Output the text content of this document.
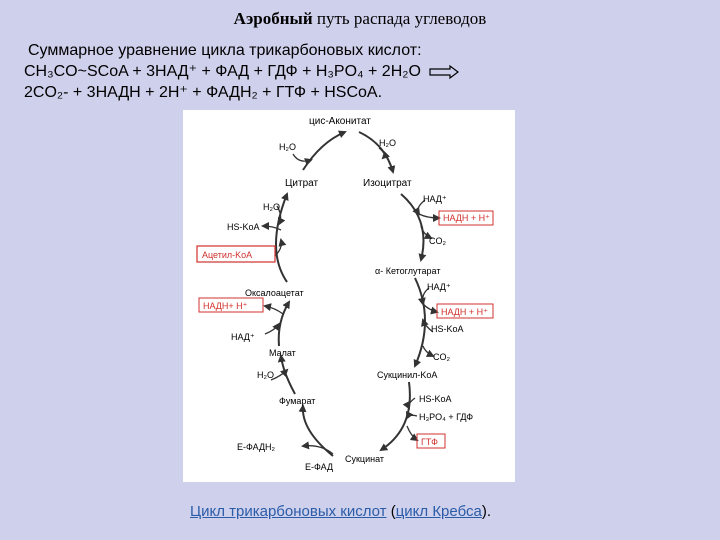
Аэробный путь распада углеводов
Суммарное уравнение цикла трикарбоновых кислот:
CH₃CO~SCoA + 3НАД⁺ + ФАД + ГДФ + H₃PO₄ + 2H₂O
2CO₂- + 3НАДН + 2H⁺ + ФАДН₂ + ГТФ + HSCoA.
цис-Аконитат
H₂O	H₂O
Цитрат	Изоцитрат
H₂O
HS-KoA
Ацетил-KoA
НАД⁺
НАДН + H⁺
CO₂
α- Кетоглутарат
Оксалоацетат
НАДН+ H⁺
НАД⁺
НАД⁺
НАДН + H⁺
HS-KoA
CO₂
Малат
Сукцинил-KoA
H₂O
Фумарат	HS-KoA
H₃PO₄ + ГДФ
ГТФ
Е-ФАДН₂
Е-ФАД
Сукцинат
Цикл трикарбоновых кислот (цикл Кребса).
